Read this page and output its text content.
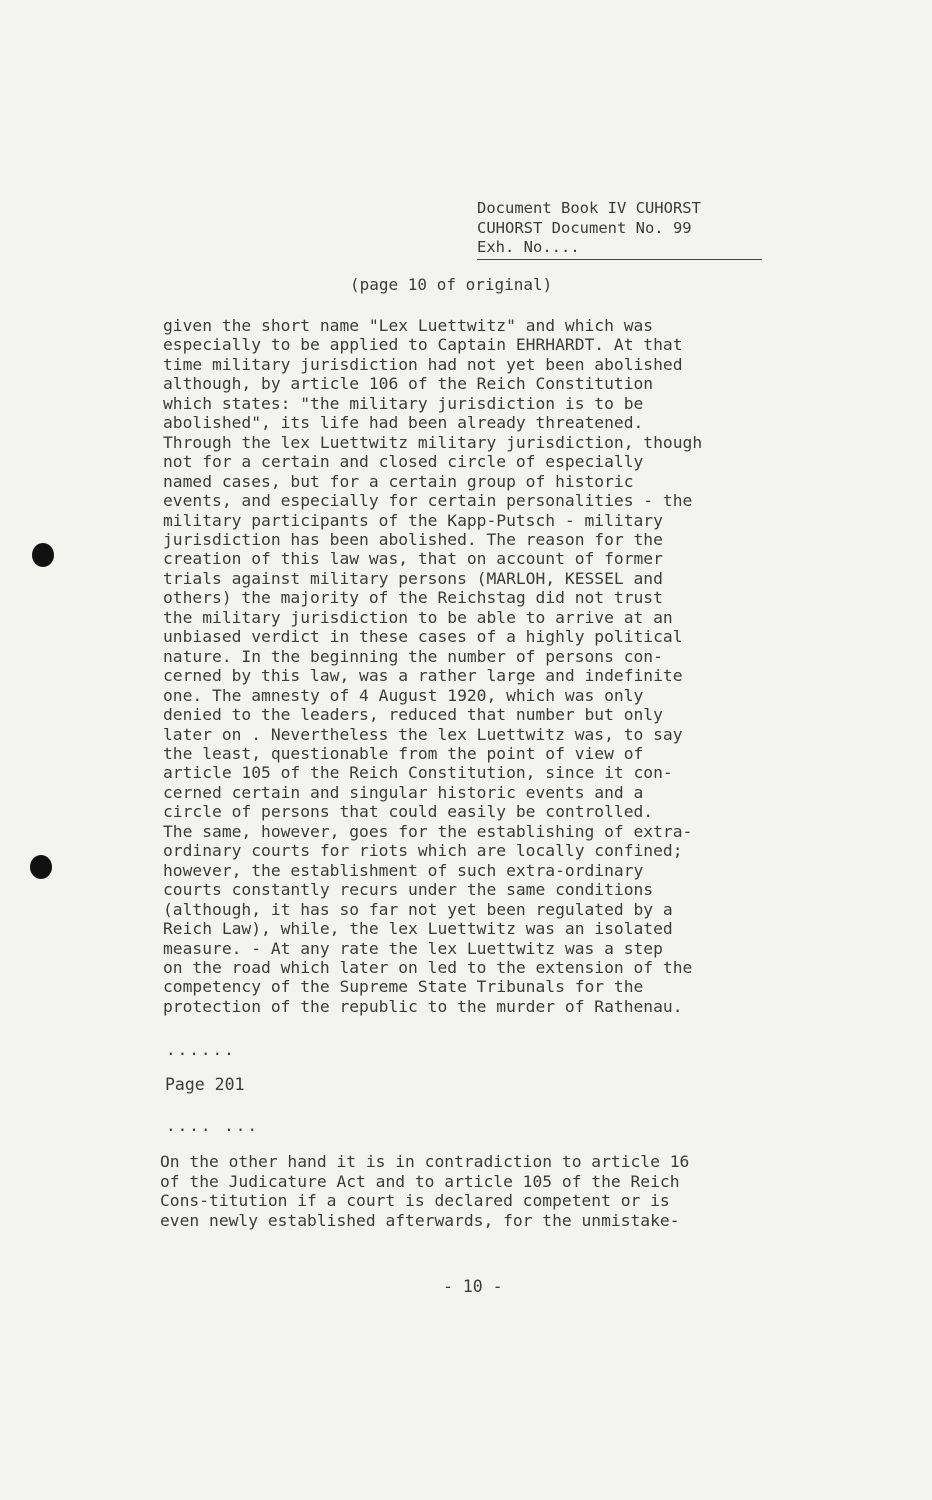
Document Book IV CUHORST
CUHORST Document No. 99
Exh. No....
(page 10 of original)
given the short name "Lex Luettwitz" and which was
especially to be applied to Captain EHRHARDT. At that
time military jurisdiction had not yet been abolished
although, by article 106 of the Reich Constitution
which states: "the military jurisdiction is to be
abolished", its life had been already threatened.
Through the lex Luettwitz military jurisdiction, though
not for a certain and closed circle of especially
named cases, but for a certain group of historic
events, and especially for certain personalities - the
military participants of the Kapp-Putsch - military
jurisdiction has been abolished. The reason for the
creation of this law was, that on account of former
trials against military persons (MARLOH, KESSEL and
others) the majority of the Reichstag did not trust
the military jurisdiction to be able to arrive at an
unbiased verdict in these cases of a highly political
nature. In the beginning the number of persons con-
cerned by this law, was a rather large and indefinite
one. The amnesty of 4 August 1920, which was only
denied to the leaders, reduced that number but only
later on . Nevertheless the lex Luettwitz was, to say
the least, questionable from the point of view of
article 105 of the Reich Constitution, since it con-
cerned certain and singular historic events and a
circle of persons that could easily be controlled.
The same, however, goes for the establishing of extra-
ordinary courts for riots which are locally confined;
however, the establishment of such extra-ordinary
courts constantly recurs under the same conditions
(although, it has so far not yet been regulated by a
Reich Law), while, the lex Luettwitz was an isolated
measure. - At any rate the lex Luettwitz was a step
on the road which later on led to the extension of the
competency of the Supreme State Tribunals for the
protection of the republic to the murder of Rathenau.
......
Page 201
.... ...
On the other hand it is in contradiction to article 16
of the Judicature Act and to article 105 of the Reich
Cons-titution if a court is declared competent or is
even newly established afterwards, for the unmistake-
- 10 -
